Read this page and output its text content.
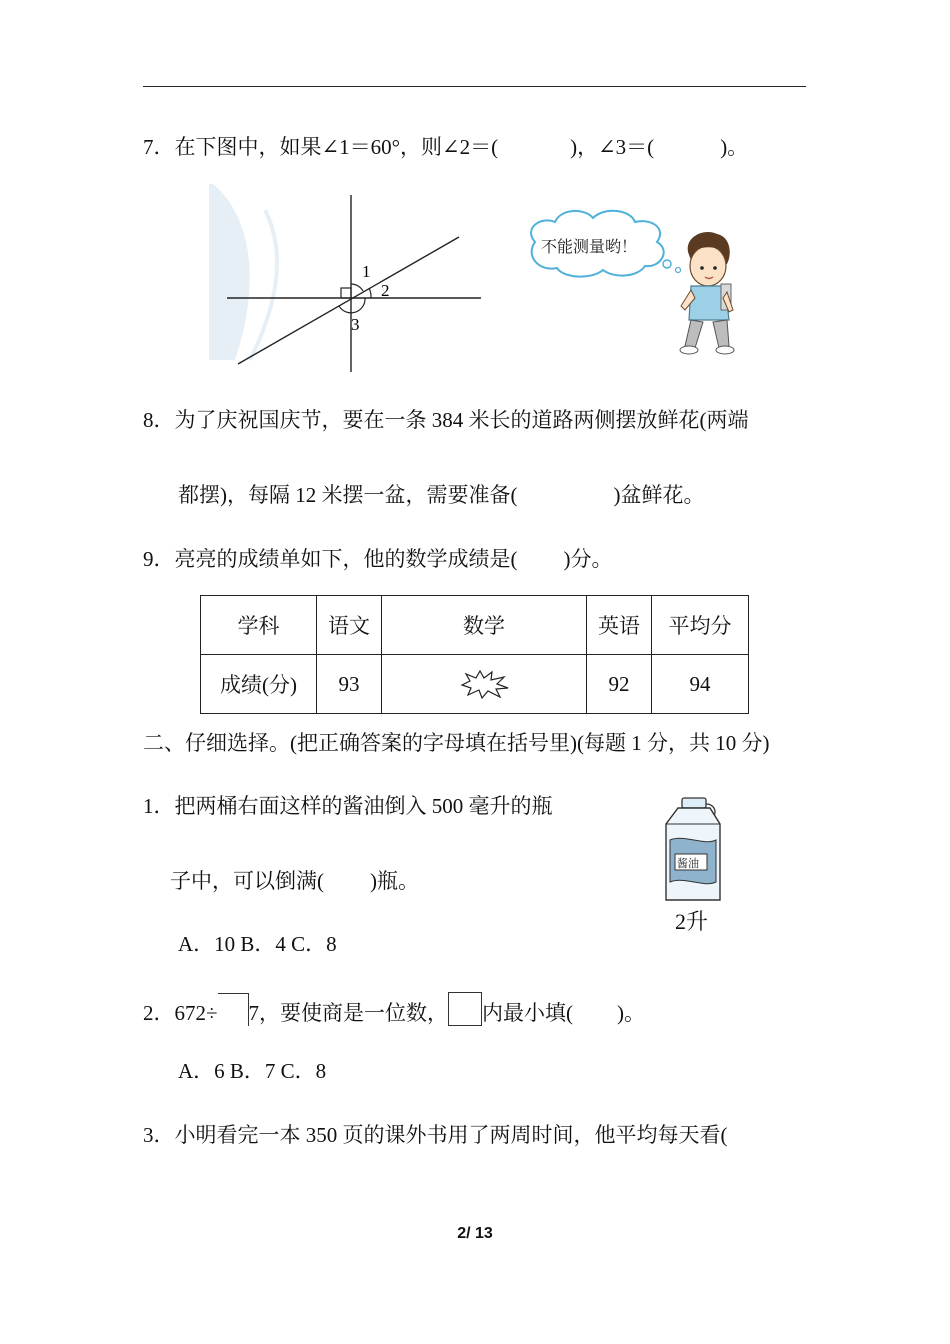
7．在下图中，如果∠1＝60°，则∠2＝(	)，∠3＝(	)。
1
2
3
不能测量哟！
8．为了庆祝国庆节，要在一条 384 米长的道路两侧摆放鲜花(两端
都摆)，每隔 12 米摆一盆，需要准备(	)盆鲜花。
9．亮亮的成绩单如下，他的数学成绩是( )分。
学科	语文	数学	英语	平均分
成绩(分)	93		92	94
二、仔细选择。(把正确答案的字母填在括号里)(每题 1 分，共 10 分)
1．把两桶右面这样的酱油倒入 500 毫升的瓶
子中，可以倒满( )瓶。
A．10 B．4 C．8
酱油
2升
2．672÷ 7，要使商是一位数， 内最小填( )。
A．6 B．7 C．8
3．小明看完一本 350 页的课外书用了两周时间，他平均每天看(
2/ 13
